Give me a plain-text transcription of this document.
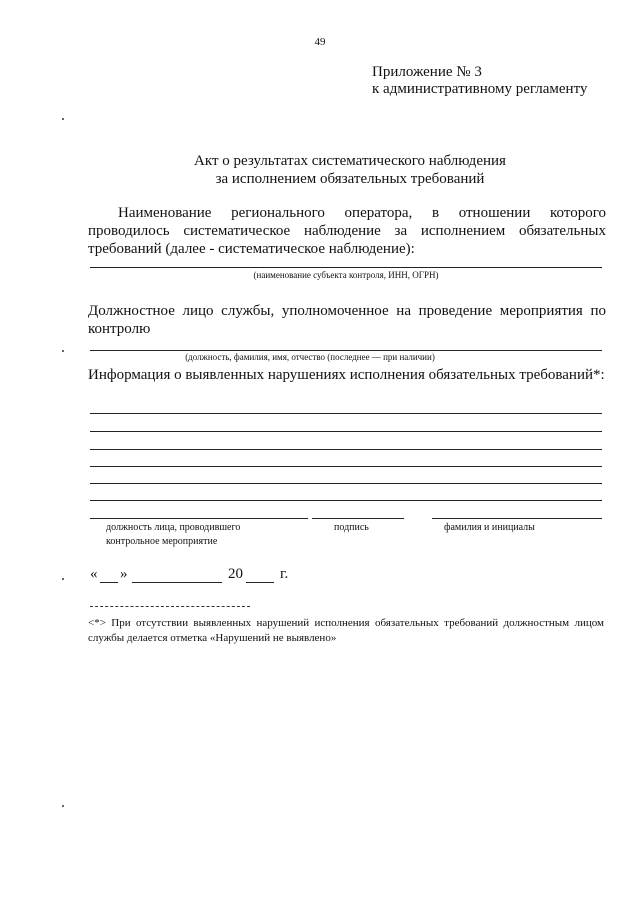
49
Приложение № 3
к административному регламенту
Акт о результатах систематического наблюдения
за исполнением обязательных требований
Наименование регионального оператора, в отношении которого проводилось систематическое наблюдение за исполнением обязательных требований (далее - систематическое наблюдение):
(наименование субъекта контроля, ИНН, ОГРН)
Должностное лицо службы, уполномоченное на проведение мероприятия по контролю
(должность, фамилия, имя, отчество (последнее — при наличии)
Информация о выявленных нарушениях исполнения обязательных требований*:
должность лица, проводившего
контрольное мероприятие
подпись	фамилия и инициалы
« »	20 г.
<*> При отсутствии выявленных нарушений исполнения обязательных требований должностным лицом службы делается отметка «Нарушений не выявлено»
